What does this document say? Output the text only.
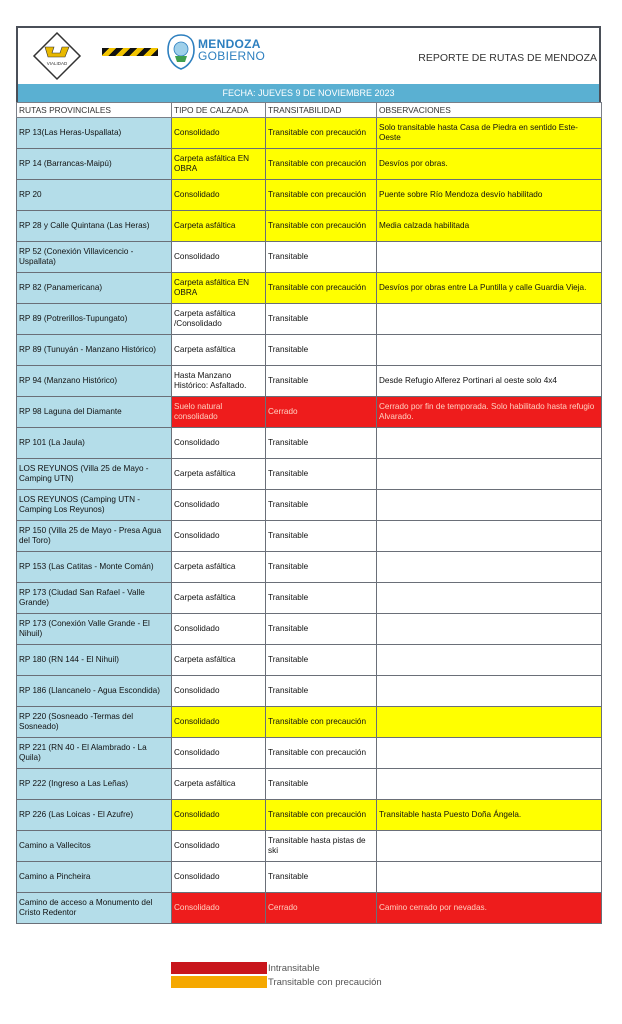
VIALIDAD
MENDOZA
GOBIERNO	REPORTE DE RUTAS DE MENDOZA
FECHA: JUEVES 9 DE NOVIEMBRE 2023
RUTAS PROVINCIALES	TIPO DE CALZADA	TRANSITABILIDAD	OBSERVACIONES
RP 13(Las Heras-Uspallata)	Consolidado	Transitable con precaución	Solo transitable hasta Casa de Piedra en sentido Este-Oeste
RP 14 (Barrancas-Maipú)	Carpeta asfáltica EN OBRA	Transitable con precaución	Desvíos por obras.
RP 20	Consolidado	Transitable con precaución	Puente sobre Río Mendoza desvío habilitado
RP 28 y Calle Quintana (Las Heras)	Carpeta asfáltica	Transitable con precaución	Media calzada habilitada
RP 52 (Conexión Villavicencio - Uspallata)	Consolidado	Transitable	
RP 82 (Panamericana)	Carpeta asfáltica EN OBRA	Transitable con precaución	Desvíos por obras entre La Puntilla y calle Guardia Vieja.
RP 89 (Potrerillos-Tupungato)	Carpeta asfáltica /Consolidado	Transitable	
RP 89 (Tunuyán - Manzano Histórico)	Carpeta asfáltica	Transitable	
RP 94 (Manzano Histórico)	Hasta Manzano Histórico: Asfaltado.	Transitable	Desde Refugio Alferez Portinari al oeste solo 4x4
RP 98 Laguna del Diamante	Suelo natural consolidado	Cerrado	Cerrado por fin de temporada. Solo habilitado hasta refugio Alvarado.
RP 101 (La Jaula)	Consolidado	Transitable	
LOS REYUNOS (Villa 25 de Mayo - Camping UTN)	Carpeta asfáltica	Transitable	
LOS REYUNOS (Camping UTN - Camping Los Reyunos)	Consolidado	Transitable	
RP 150 (Villa 25 de Mayo - Presa Agua del Toro)	Consolidado	Transitable	
RP 153 (Las Catitas - Monte Comán)	Carpeta asfáltica	Transitable	
RP 173 (Ciudad San Rafael - Valle Grande)	Carpeta asfáltica	Transitable	
RP 173 (Conexión Valle Grande - El Nihuil)	Consolidado	Transitable	
RP 180 (RN 144 - El Nihuil)	Carpeta asfáltica	Transitable	
RP 186 (Llancanelo - Agua Escondida)	Consolidado	Transitable	
RP 220 (Sosneado -Termas del Sosneado)	Consolidado	Transitable con precaución	
RP 221 (RN 40 - El Alambrado - La Quila)	Consolidado	Transitable con precaución	
RP 222 (Ingreso a Las Leñas)	Carpeta asfáltica	Transitable	
RP 226 (Las Loicas - El Azufre)	Consolidado	Transitable con precaución	Transitable hasta Puesto Doña Ángela.
Camino a Vallecitos	Consolidado	Transitable hasta pistas de ski	
Camino a Pincheira	Consolidado	Transitable	
Camino de acceso a Monumento del Cristo Redentor	Consolidado	Cerrado	Camino cerrado por nevadas.
Intransitable
Transitable con precaución
